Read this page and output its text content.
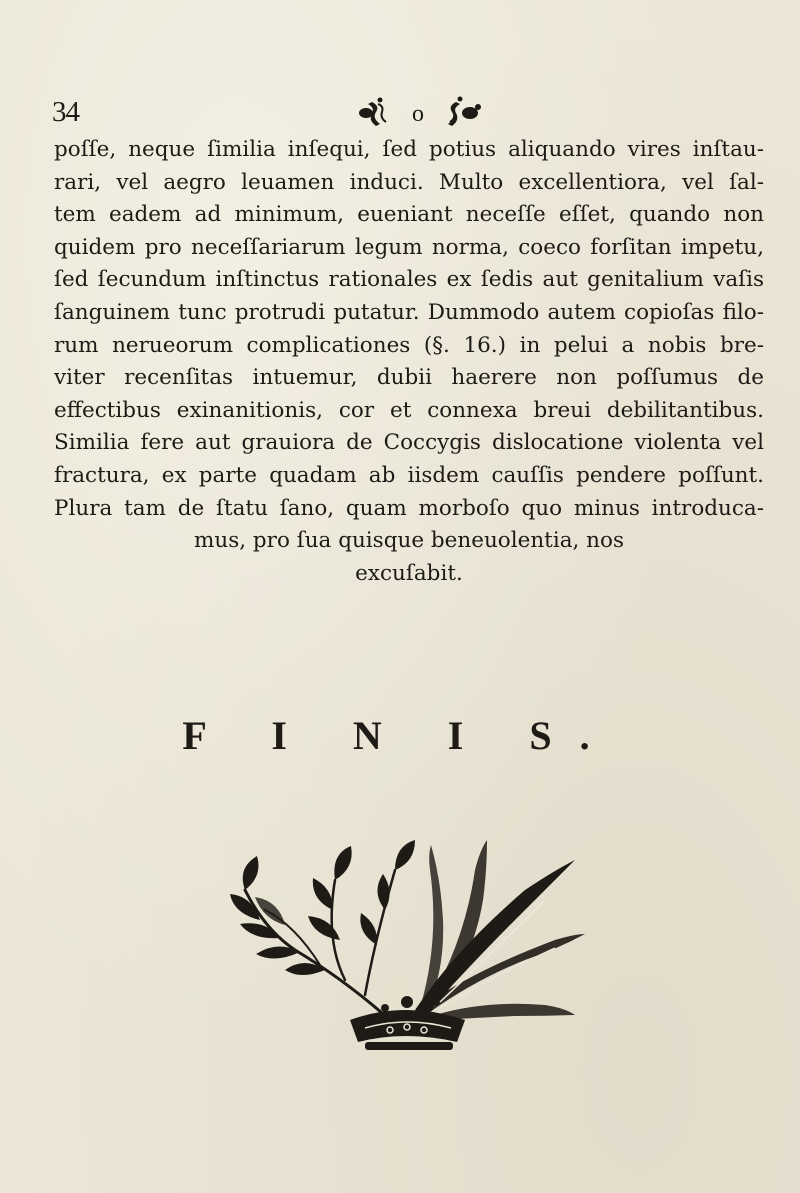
34	o
poſſe, neque ſimilia inſequi, ſed potius aliquando vires inſtau-
rari, vel aegro leuamen induci. Multo excellentiora, vel ſal-
tem eadem ad minimum, eueniant neceſſe eſſet, quando non
quidem pro neceſſariarum legum norma, coeco forſitan impetu,
ſed ſecundum inſtinctus rationales ex ſedis aut genitalium vaſis
ſanguinem tunc protrudi putatur. Dummodo autem copioſas filo-
rum nerueorum complicationes (§. 16.) in pelui a nobis bre-
viter recenſitas intuemur, dubii haerere non poſſumus de
effectibus exinanitionis, cor et connexa breui debilitantibus.
Similia fere aut grauiora de Coccygis dislocatione violenta vel
fractura, ex parte quadam ab iisdem cauſſis pendere poſſunt.
Plura tam de ſtatu ſano, quam morboſo quo minus introduca-
mus, pro ſua quisque beneuolentia, nos
excuſabit.
F I N I S.
